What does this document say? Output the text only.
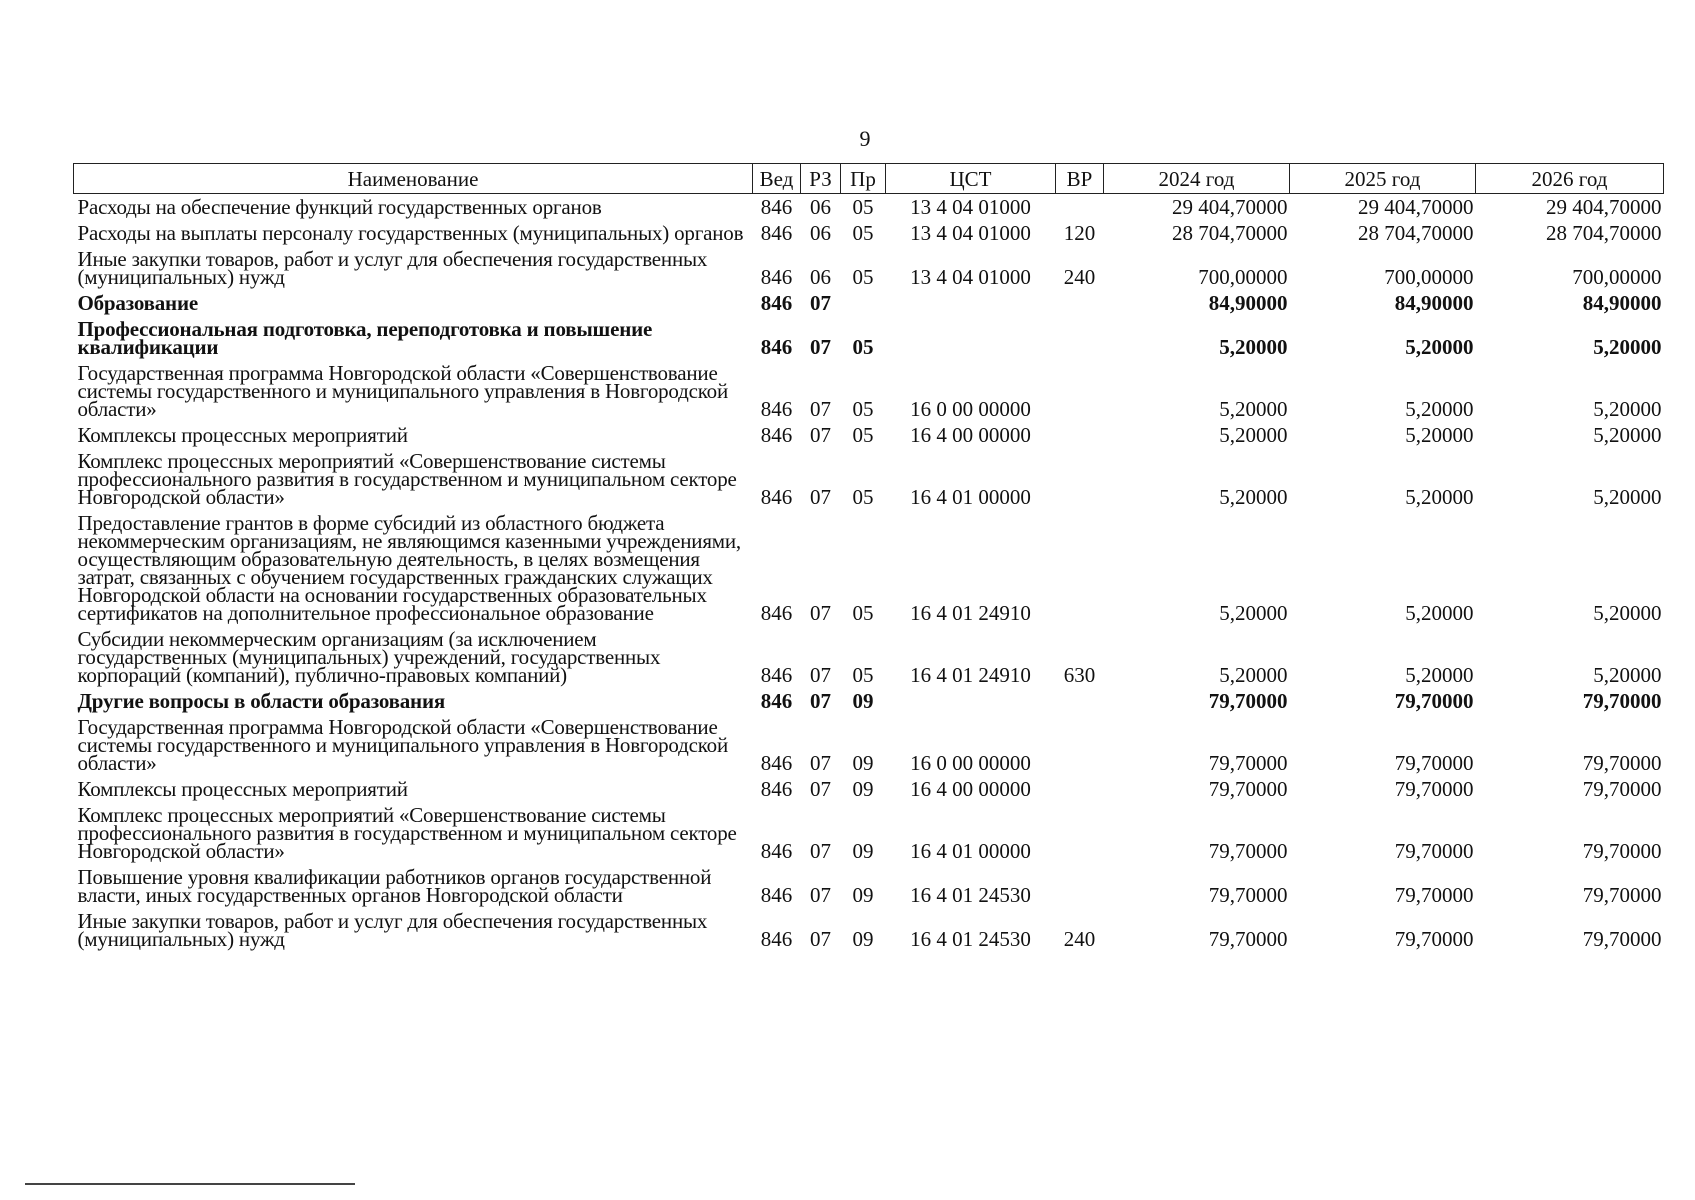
9
Наименование	Вед	РЗ	Пр	ЦСТ	ВР	2024 год	2025 год	2026 год
Расходы на обеспечение функций государственных органов	846	06	05	13 4 04 01000		29 404,70000	29 404,70000	29 404,70000
Расходы на выплаты персоналу государственных (муниципальных) органов	846	06	05	13 4 04 01000	120	28 704,70000	28 704,70000	28 704,70000
Иные закупки товаров, работ и услуг для обеспечения государственных (муниципальных) нужд	846	06	05	13 4 04 01000	240	700,00000	700,00000	700,00000
Образование	846	07				84,90000	84,90000	84,90000
Профессиональная подготовка, переподготовка и повышение квалификации	846	07	05			5,20000	5,20000	5,20000
Государственная программа Новгородской области «Совершенствование системы государственного и муниципального управления в Новгородской области»	846	07	05	16 0 00 00000		5,20000	5,20000	5,20000
Комплексы процессных мероприятий	846	07	05	16 4 00 00000		5,20000	5,20000	5,20000
Комплекс процессных мероприятий «Совершенствование системы профессионального развития в государственном и муниципальном секторе Новгородской области»	846	07	05	16 4 01 00000		5,20000	5,20000	5,20000
Предоставление грантов в форме субсидий из областного бюджета некоммерческим организациям, не являющимся казенными учреждениями, осуществляющим образовательную деятельность, в целях возмещения затрат, связанных с обучением государственных гражданских служащих Новгородской области на основании государственных образовательных сертификатов на дополнительное профессиональное образование	846	07	05	16 4 01 24910		5,20000	5,20000	5,20000
Субсидии некоммерческим организациям (за исключением государственных (муниципальных) учреждений, государственных корпораций (компаний), публично-правовых компаний)	846	07	05	16 4 01 24910	630	5,20000	5,20000	5,20000
Другие вопросы в области образования	846	07	09			79,70000	79,70000	79,70000
Государственная программа Новгородской области «Совершенствование системы государственного и муниципального управления в Новгородской области»	846	07	09	16 0 00 00000		79,70000	79,70000	79,70000
Комплексы процессных мероприятий	846	07	09	16 4 00 00000		79,70000	79,70000	79,70000
Комплекс процессных мероприятий «Совершенствование системы профессионального развития в государственном и муниципальном секторе Новгородской области»	846	07	09	16 4 01 00000		79,70000	79,70000	79,70000
Повышение уровня квалификации работников органов государственной власти, иных государственных органов Новгородской области	846	07	09	16 4 01 24530		79,70000	79,70000	79,70000
Иные закупки товаров, работ и услуг для обеспечения государственных (муниципальных) нужд	846	07	09	16 4 01 24530	240	79,70000	79,70000	79,70000
